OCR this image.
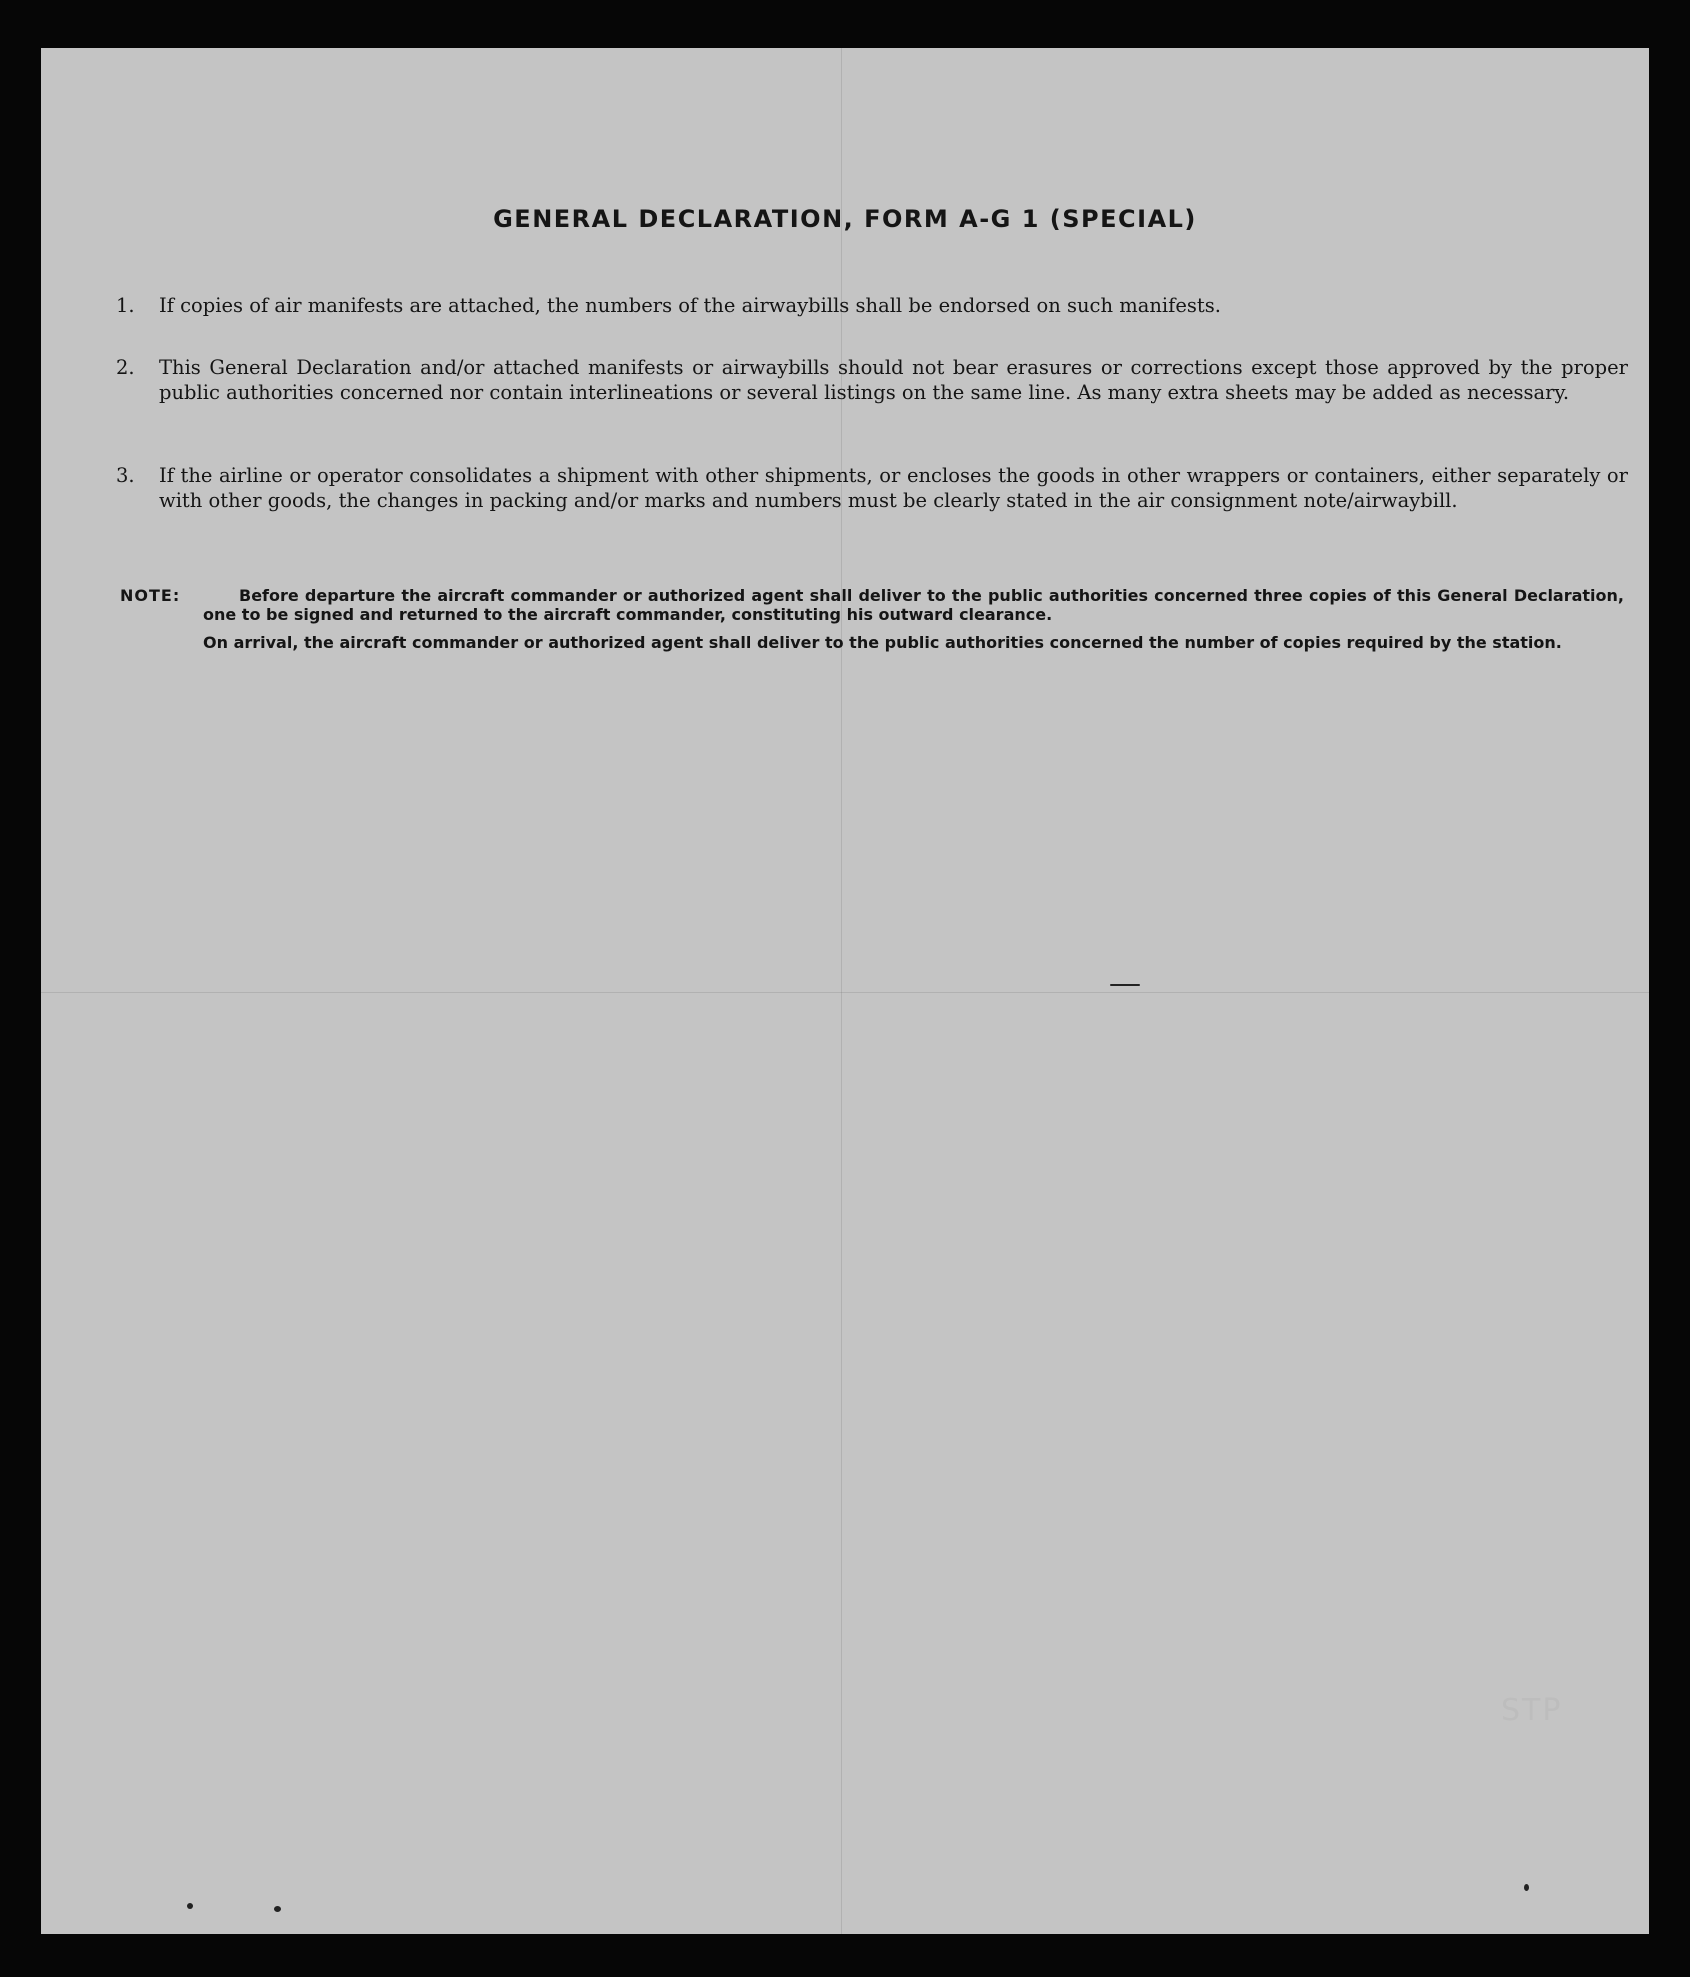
GENERAL DECLARATION, FORM A-G 1 (SPECIAL)
1.	If copies of air manifests are attached, the numbers of the airwaybills shall be endorsed on such manifests.
2.	This General Declaration and/or attached manifests or airwaybills should not bear erasures or corrections except those approved by the proper public authorities concerned nor contain interlineations or several listings on the same line. As many extra sheets may be added as necessary.
3.	If the airline or operator consolidates a shipment with other shipments, or encloses the goods in other wrappers or containers, either separately or with other goods, the changes in packing and/or marks and numbers must be clearly stated in the air consignment note/airwaybill.
NOTE:	Before departure the aircraft commander or authorized agent shall deliver to the public authorities concerned three copies of this General Declaration, one to be signed and returned to the aircraft commander, constituting his outward clearance.

On arrival, the aircraft commander or authorized agent shall deliver to the public authorities concerned the number of copies required by the station.

STP
